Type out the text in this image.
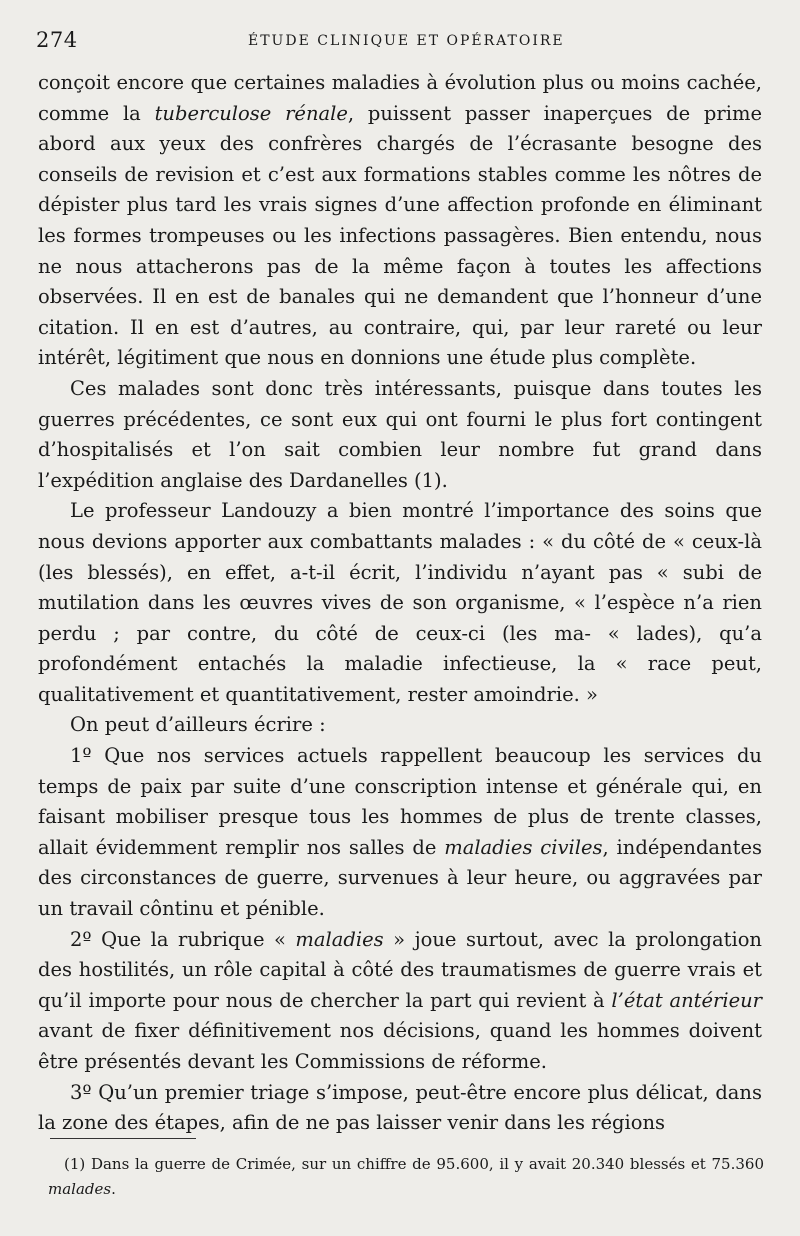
274	ÉTUDE CLINIQUE ET OPÉRATOIRE

conçoit encore que certaines maladies à évolution plus ou moins cachée, comme la tuberculose rénale, puissent passer inaperçues de prime abord aux yeux des confrères chargés de l’écrasante besogne des conseils de revision et c’est aux formations stables comme les nôtres de dépister plus tard les vrais signes d’une affection profonde en éliminant les formes trompeuses ou les infections passagères. Bien entendu, nous ne nous attacherons pas de la même façon à toutes les affections observées. Il en est de banales qui ne demandent que l’honneur d’une citation. Il en est d’autres, au contraire, qui, par leur rareté ou leur intérêt, légitiment que nous en donnions une étude plus complète.

Ces malades sont donc très intéressants, puisque dans toutes les guerres précédentes, ce sont eux qui ont fourni le plus fort contingent d’hospitalisés et l’on sait combien leur nombre fut grand dans l’expédition anglaise des Dardanelles (1).

Le professeur Landouzy a bien montré l’importance des soins que nous devions apporter aux combattants malades : « du côté de « ceux-là (les blessés), en effet, a-t-il écrit, l’individu n’ayant pas « subi de mutilation dans les œuvres vives de son organisme, « l’espèce n’a rien perdu ; par contre, du côté de ceux-ci (les ma- « lades), qu’a profondément entachés la maladie infectieuse, la « race peut, qualitativement et quantitativement, rester amoindrie. »

On peut d’ailleurs écrire :

1º Que nos services actuels rappellent beaucoup les services du temps de paix par suite d’une conscription intense et générale qui, en faisant mobiliser presque tous les hommes de plus de trente classes, allait évidemment remplir nos salles de maladies civiles, indépendantes des circonstances de guerre, survenues à leur heure, ou aggravées par un travail côntinu et pénible.

2º Que la rubrique « maladies » joue surtout, avec la prolongation des hostilités, un rôle capital à côté des traumatismes de guerre vrais et qu’il importe pour nous de chercher la part qui revient à l’état antérieur avant de fixer définitivement nos décisions, quand les hommes doivent être présentés devant les Commissions de réforme.

3º Qu’un premier triage s’impose, peut-être encore plus délicat, dans la zone des étapes, afin de ne pas laisser venir dans les régions

(1) Dans la guerre de Crimée, sur un chiffre de 95.600, il y avait 20.340 blessés et 75.360 malades.
